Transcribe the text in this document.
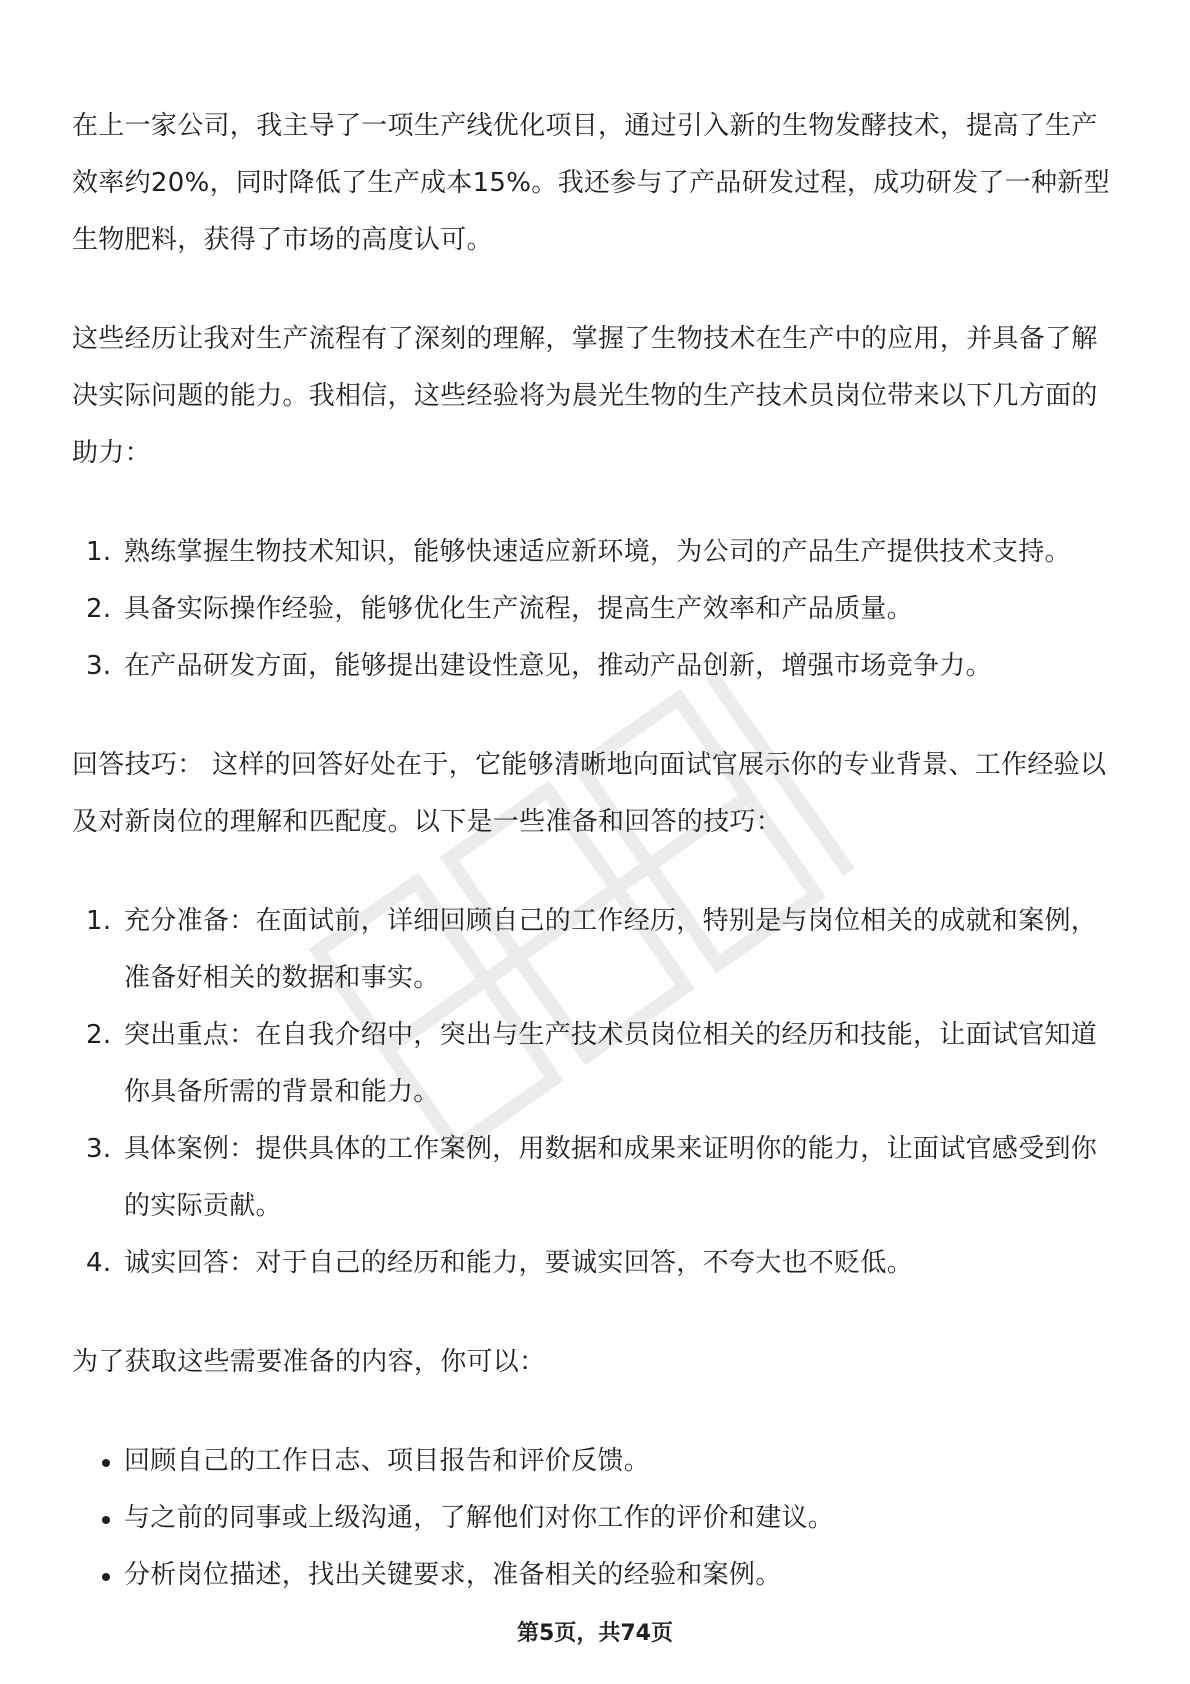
在上一家公司，我主导了一项生产线优化项目，通过引入新的生物发酵技术，提高了生产效率约20%，同时降低了生产成本15%。我还参与了产品研发过程，成功研发了一种新型生物肥料，获得了市场的高度认可。

这些经历让我对生产流程有了深刻的理解，掌握了生物技术在生产中的应用，并具备了解决实际问题的能力。我相信，这些经验将为晨光生物的生产技术员岗位带来以下几方面的助力：

1. 熟练掌握生物技术知识，能够快速适应新环境，为公司的产品生产提供技术支持。
2. 具备实际操作经验，能够优化生产流程，提高生产效率和产品质量。
3. 在产品研发方面，能够提出建设性意见，推动产品创新，增强市场竞争力。

回答技巧： 这样的回答好处在于，它能够清晰地向面试官展示你的专业背景、工作经验以及对新岗位的理解和匹配度。以下是一些准备和回答的技巧：

1. 充分准备：在面试前，详细回顾自己的工作经历，特别是与岗位相关的成就和案例，准备好相关的数据和事实。
2. 突出重点：在自我介绍中，突出与生产技术员岗位相关的经历和技能，让面试官知道你具备所需的背景和能力。
3. 具体案例：提供具体的工作案例，用数据和成果来证明你的能力，让面试官感受到你的实际贡献。
4. 诚实回答：对于自己的经历和能力，要诚实回答，不夸大也不贬低。

为了获取这些需要准备的内容，你可以：

回顾自己的工作日志、项目报告和评价反馈。
与之前的同事或上级沟通，了解他们对你工作的评价和建议。
分析岗位描述，找出关键要求，准备相关的经验和案例。
第5页，共74页
